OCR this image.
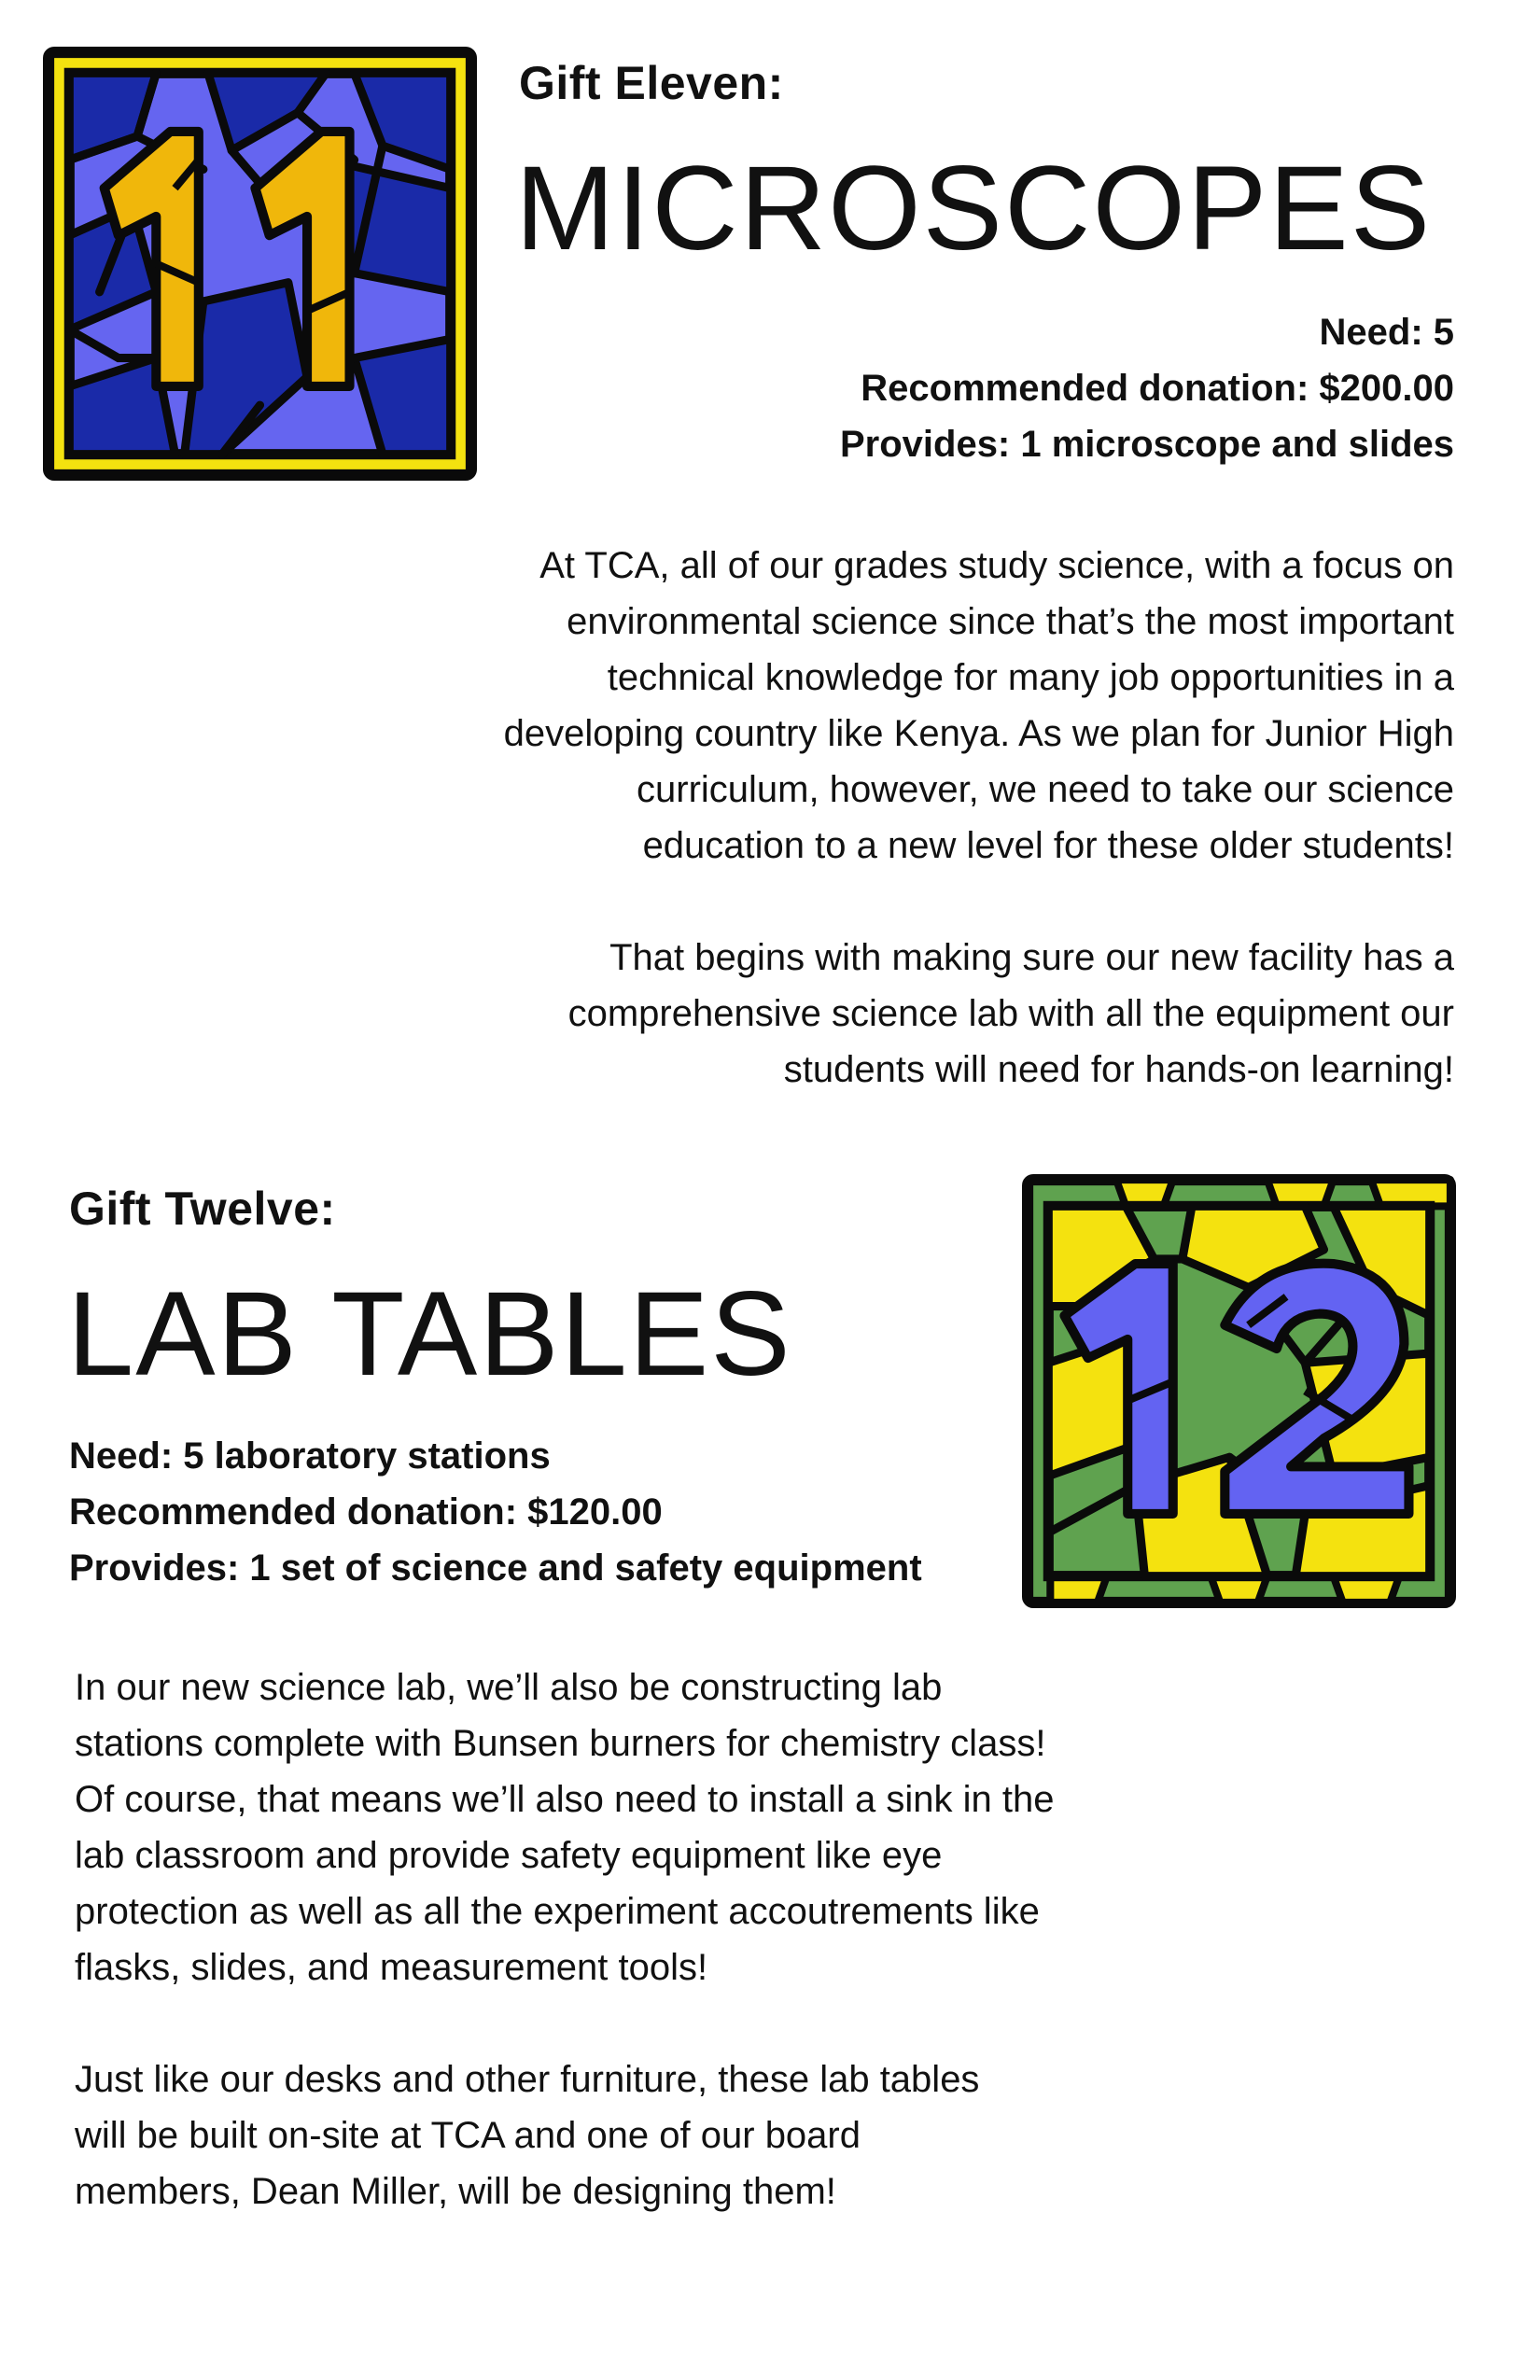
Gift Eleven:

MICROSCOPES
Need: 5
Recommended donation: $200.00
Provides: 1 microscope and slides

At TCA, all of our grades study science, with a focus on environmental science since that’s the most important technical knowledge for many job opportunities in a developing country like Kenya. As we plan for Junior High curriculum, however, we need to take our science education to a new level for these older students!

That begins with making sure our new facility has a comprehensive science lab with all the equipment our students will need for hands-on learning!

Gift Twelve:

LAB TABLES
Need: 5 laboratory stations
Recommended donation: $120.00
Provides: 1 set of science and safety equipment

In our new science lab, we’ll also be constructing lab stations complete with Bunsen burners for chemistry class! Of course, that means we’ll also need to install a sink in the lab classroom and provide safety equipment like eye protection as well as all the experiment accoutrements like flasks, slides, and measurement tools!

Just like our desks and other furniture, these lab tables will be built on-site at TCA and one of our board members, Dean Miller, will be designing them!
